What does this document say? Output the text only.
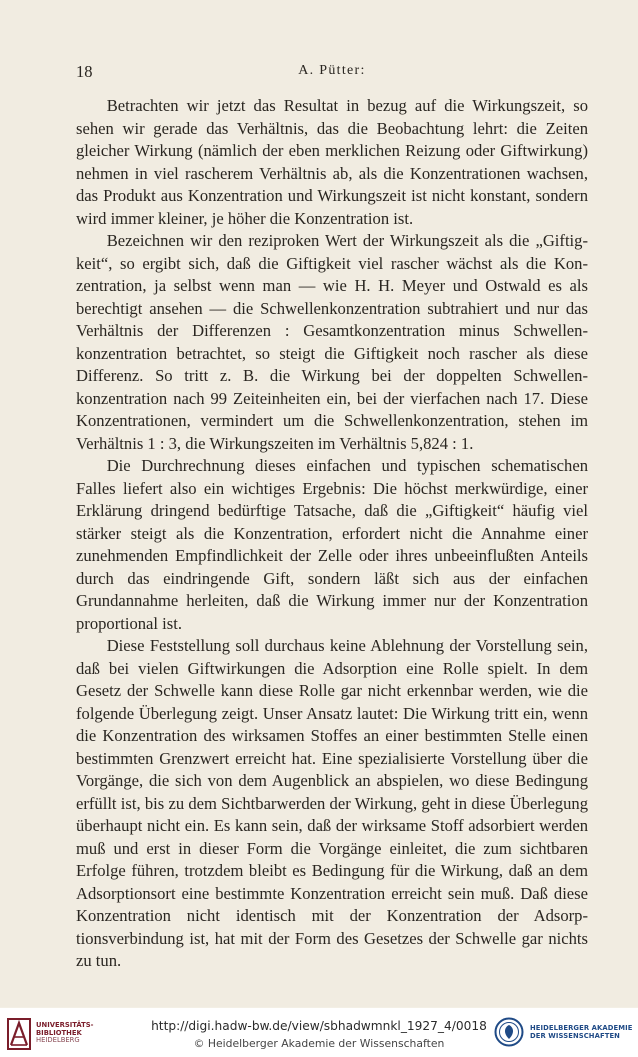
18	A. Pütter:

Betrachten wir jetzt das Resultat in bezug auf die Wirkungszeit, so sehen wir gerade das Verhältnis, das die Beobachtung lehrt: die Zeiten gleicher Wirkung (nämlich der eben merklichen Reizung oder Giftwirkung) nehmen in viel rascherem Verhältnis ab, als die Konzentrationen wachsen, das Produkt aus Konzentration und Wirkungszeit ist nicht konstant, sondern wird immer kleiner, je höher die Konzentration ist.

Bezeichnen wir den reziproken Wert der Wirkungszeit als die „Giftigkeit“, so ergibt sich, daß die Giftigkeit viel rascher wächst als die Konzentration, ja selbst wenn man — wie H. H. Meyer und Ostwald es als berechtigt ansehen — die Schwellenkonzentration subtrahiert und nur das Verhältnis der Differenzen : Gesamtkonzentration minus Schwellenkonzentration betrachtet, so steigt die Giftigkeit noch rascher als diese Differenz. So tritt z. B. die Wirkung bei der doppelten Schwellenkonzentration nach 99 Zeiteinheiten ein, bei der vierfachen nach 17. Diese Konzentrationen, vermindert um die Schwellenkonzentration, stehen im Verhältnis 1 : 3, die Wirkungszeiten im Verhältnis 5,824 : 1.

Die Durchrechnung dieses einfachen und typischen schematischen Falles liefert also ein wichtiges Ergebnis: Die höchst merkwürdige, einer Erklärung dringend bedürftige Tatsache, daß die „Giftigkeit“ häufig viel stärker steigt als die Konzentration, erfordert nicht die Annahme einer zunehmenden Empfindlichkeit der Zelle oder ihres unbeeinflußten Anteils durch das eindringende Gift, sondern läßt sich aus der einfachen Grundannahme herleiten, daß die Wirkung immer nur der Konzentration proportional ist.

Diese Feststellung soll durchaus keine Ablehnung der Vorstellung sein, daß bei vielen Giftwirkungen die Adsorption eine Rolle spielt. In dem Gesetz der Schwelle kann diese Rolle gar nicht erkennbar werden, wie die folgende Überlegung zeigt. Unser Ansatz lautet: Die Wirkung tritt ein, wenn die Konzentration des wirksamen Stoffes an einer bestimmten Stelle einen bestimmten Grenzwert erreicht hat. Eine spezialisierte Vorstellung über die Vorgänge, die sich von dem Augenblick an abspielen, wo diese Bedingung erfüllt ist, bis zu dem Sichtbarwerden der Wirkung, geht in diese Überlegung überhaupt nicht ein. Es kann sein, daß der wirksame Stoff adsorbiert werden muß und erst in dieser Form die Vorgänge einleitet, die zum sichtbaren Erfolge führen, trotzdem bleibt es Bedingung für die Wirkung, daß an dem Adsorptionsort eine bestimmte Konzentration erreicht sein muß. Daß diese Konzentration nicht identisch mit der Konzentration der Adsorptionsverbindung ist, hat mit der Form des Gesetzes der Schwelle gar nichts zu tun.

UNIVERSITÄTS-
BIBLIOTHEK
HEIDELBERG
http://digi.hadw-bw.de/view/sbhadwmnkl_1927_4/0018
© Heidelberger Akademie der Wissenschaften
HEIDELBERGER AKADEMIE
DER WISSENSCHAFTEN
